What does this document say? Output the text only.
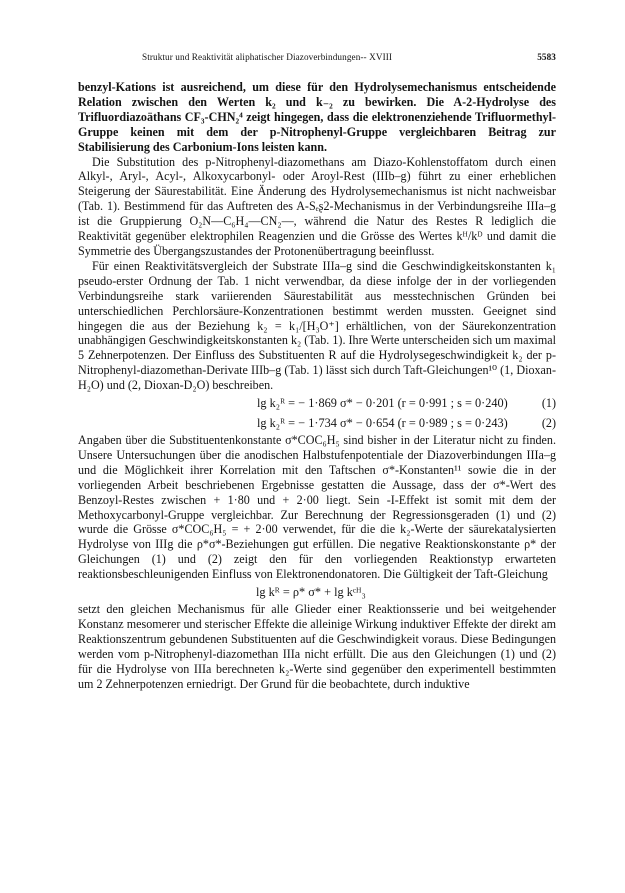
Struktur und Reaktivität aliphatischer Diazoverbindungen-- XVIII	5583

benzyl-Kations ist ausreichend, um diese für den Hydrolysemechanismus entscheidende Relation zwischen den Werten k₂ und k₋₂ zu bewirken. Die A-2-Hydrolyse des Trifluordiazoäthans CF₃-CHN₂⁴ zeigt hingegen, dass die elektronenziehende Trifluormethyl-Gruppe keinen mit dem der p-Nitrophenyl-Gruppe vergleichbaren Beitrag zur Stabilisierung des Carbonium-Ions leisten kann.

Die Substitution des p-Nitrophenyl-diazomethans am Diazo-Kohlenstoffatom durch einen Alkyl-, Aryl-, Acyl-, Alkoxycarbonyl- oder Aroyl-Rest (IIIb–g) führt zu einer erheblichen Steigerung der Säurestabilität. Eine Änderung des Hydrolysemechanismus ist nicht nachweisbar (Tab. 1). Bestimmend für das Auftreten des A-Sₑʂ2-Mechanismus in der Verbindungsreihe IIIa–g ist die Gruppierung O₂N—C₆H₄—CN₂—, während die Natur des Restes R lediglich die Reaktivität gegenüber elektrophilen Reagenzien und die Grösse des Wertes kᴴ/kᴰ und damit die Symmetrie des Übergangszustandes der Protonenübertragung beeinflusst.

Für einen Reaktivitätsvergleich der Substrate IIIa–g sind die Geschwindigkeitskonstanten k₁ pseudo-erster Ordnung der Tab. 1 nicht verwendbar, da diese infolge der in der vorliegenden Verbindungsreihe stark variierenden Säurestabilität aus messtechnischen Gründen bei unterschiedlichen Perchlorsäure-Konzentrationen bestimmt werden mussten. Geeignet sind hingegen die aus der Beziehung k₂ = k₁/[H₃O⁺] erhältlichen, von der Säurekonzentration unabhängigen Geschwindigkeitskonstanten k₂ (Tab. 1). Ihre Werte unterscheiden sich um maximal 5 Zehnerpotenzen. Der Einfluss des Substituenten R auf die Hydrolysegeschwindigkeit k₂ der p-Nitrophenyl-diazomethan-Derivate IIIb–g (Tab. 1) lässt sich durch Taft-Gleichungen¹⁰ (1, Dioxan-H₂O) und (2, Dioxan-D₂O) beschreiben.

lg k₂ᴿ = − 1·869 σ* − 0·201 (r = 0·991 ; s = 0·240)	(1)
lg k₂ᴿ = − 1·734 σ* − 0·654 (r = 0·989 ; s = 0·243)	(2)

Angaben über die Substituentenkonstante σ*COC₆H₅ sind bisher in der Literatur nicht zu finden. Unsere Untersuchungen über die anodischen Halbstufenpotentiale der Diazoverbindungen IIIa–g und die Möglichkeit ihrer Korrelation mit den Taftschen σ*-Konstanten¹¹ sowie die in der vorliegenden Arbeit beschriebenen Ergebnisse gestatten die Aussage, dass der σ*-Wert des Benzoyl-Restes zwischen + 1·80 und + 2·00 liegt. Sein -I-Effekt ist somit mit dem der Methoxycarbonyl-Gruppe vergleichbar. Zur Berechnung der Regressionsgeraden (1) und (2) wurde die Grösse σ*COC₆H₅ = + 2·00 verwendet, für die die k₂-Werte der säurekatalysierten Hydrolyse von IIIg die ρ*σ*-Beziehungen gut erfüllen. Die negative Reaktionskonstante ρ* der Gleichungen (1) und (2) zeigt den für den vorliegenden Reaktionstyp erwarteten reaktionsbeschleunigenden Einfluss von Elektronendonatoren. Die Gültigkeit der Taft-Gleichung

lg kᴿ = ρ* σ* + lg kᶜᴴ₃

setzt den gleichen Mechanismus für alle Glieder einer Reaktionsserie und bei weitgehender Konstanz mesomerer und sterischer Effekte die alleinige Wirkung induktiver Effekte der direkt am Reaktionszentrum gebundenen Substituenten auf die Geschwindigkeit voraus. Diese Bedingungen werden vom p-Nitrophenyl-diazomethan IIIa nicht erfüllt. Die aus den Gleichungen (1) und (2) für die Hydrolyse von IIIa berechneten k₂-Werte sind gegenüber den experimentell bestimmten um 2 Zehnerpotenzen erniedrigt. Der Grund für die beobachtete, durch induktive
